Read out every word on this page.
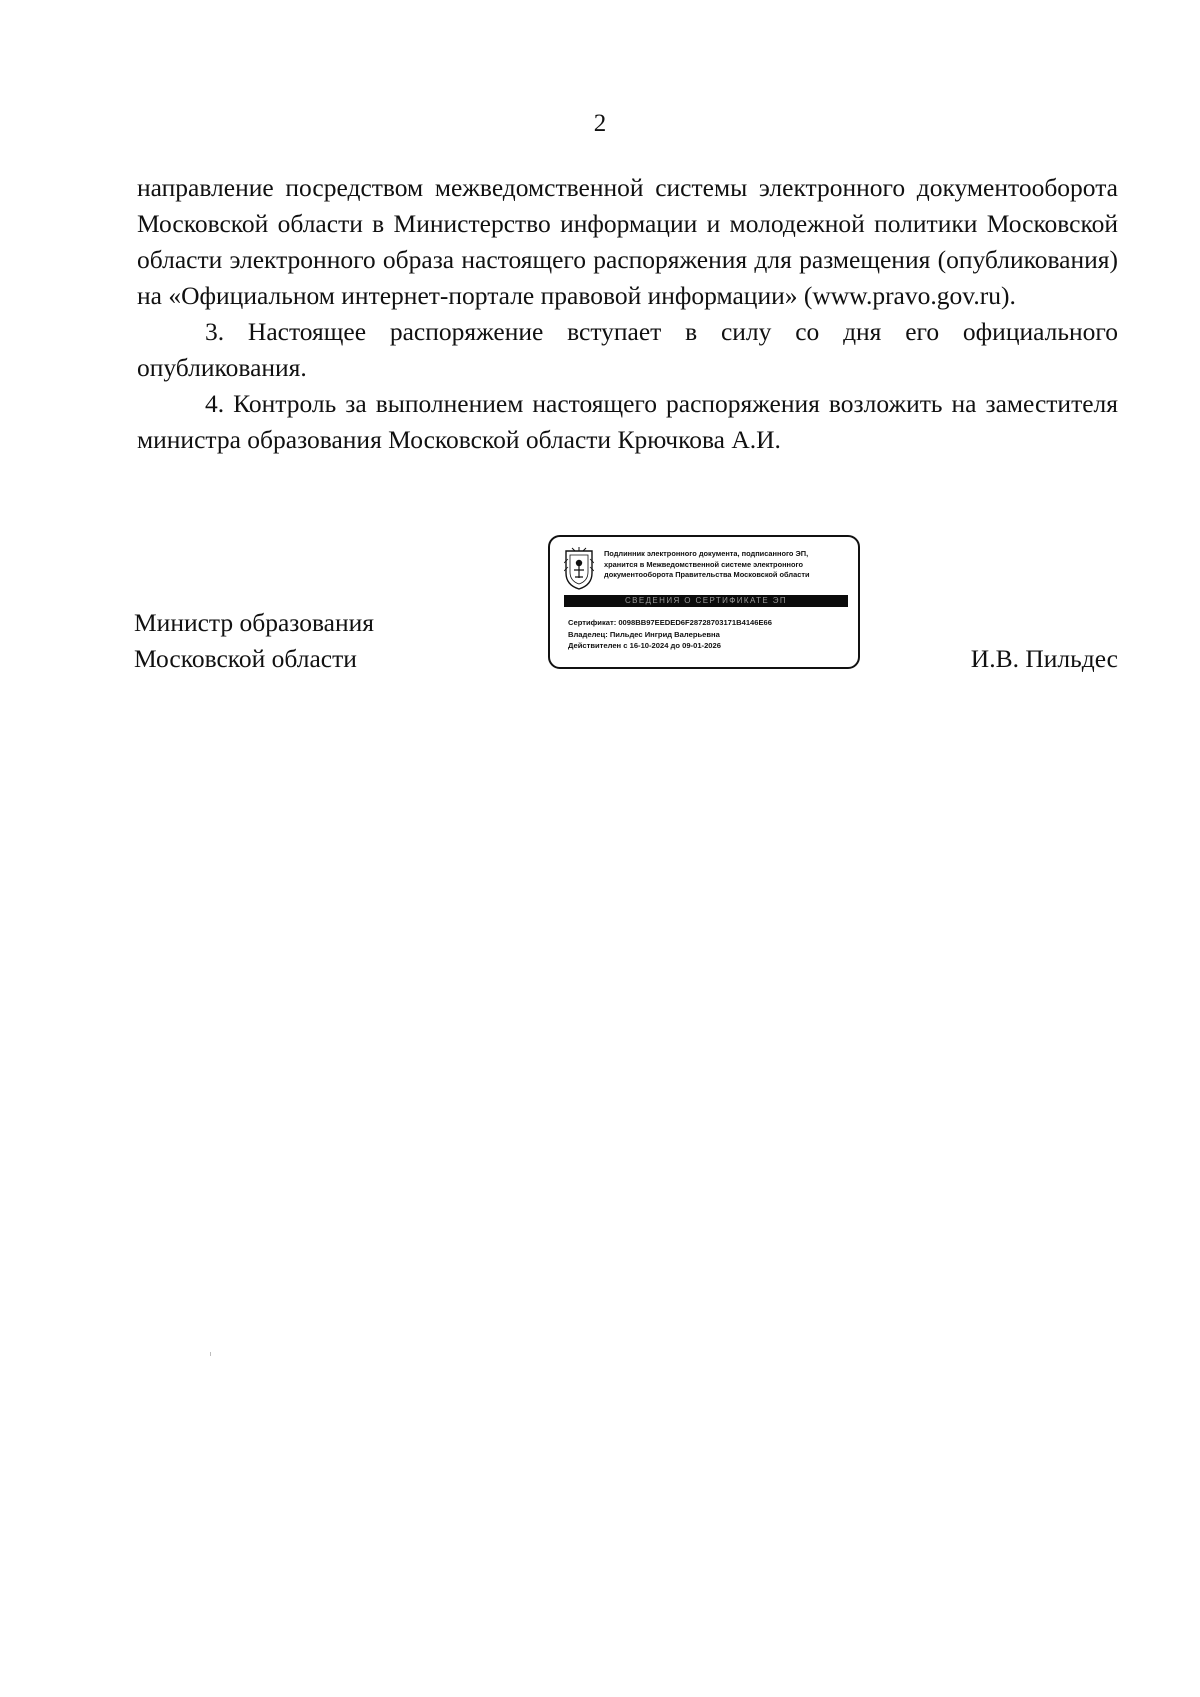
2

направление посредством межведомственной системы электронного документооборота Московской области в Министерство информации и молодежной политики Московской области электронного образа настоящего распоряжения для размещения (опубликования) на «Официальном интернет-портале правовой информации» (www.pravo.gov.ru).

3. Настоящее распоряжение вступает в силу со дня его официального опубликования.

4. Контроль за выполнением настоящего распоряжения возложить на заместителя министра образования Московской области Крючкова А.И.

Министр образования
Московской области

Подлинник электронного документа, подписанного ЭП,
хранится в Межведомственной системе электронного
документооборота Правительства Московской области

СВЕДЕНИЯ О СЕРТИФИКАТЕ ЭП
Сертификат: 0098BB97EEDED6F28728703171B4146E66
Владелец: Пильдес Ингрид Валерьевна
Действителен с 16-10-2024 до 09-01-2026	И.В. Пильдес
